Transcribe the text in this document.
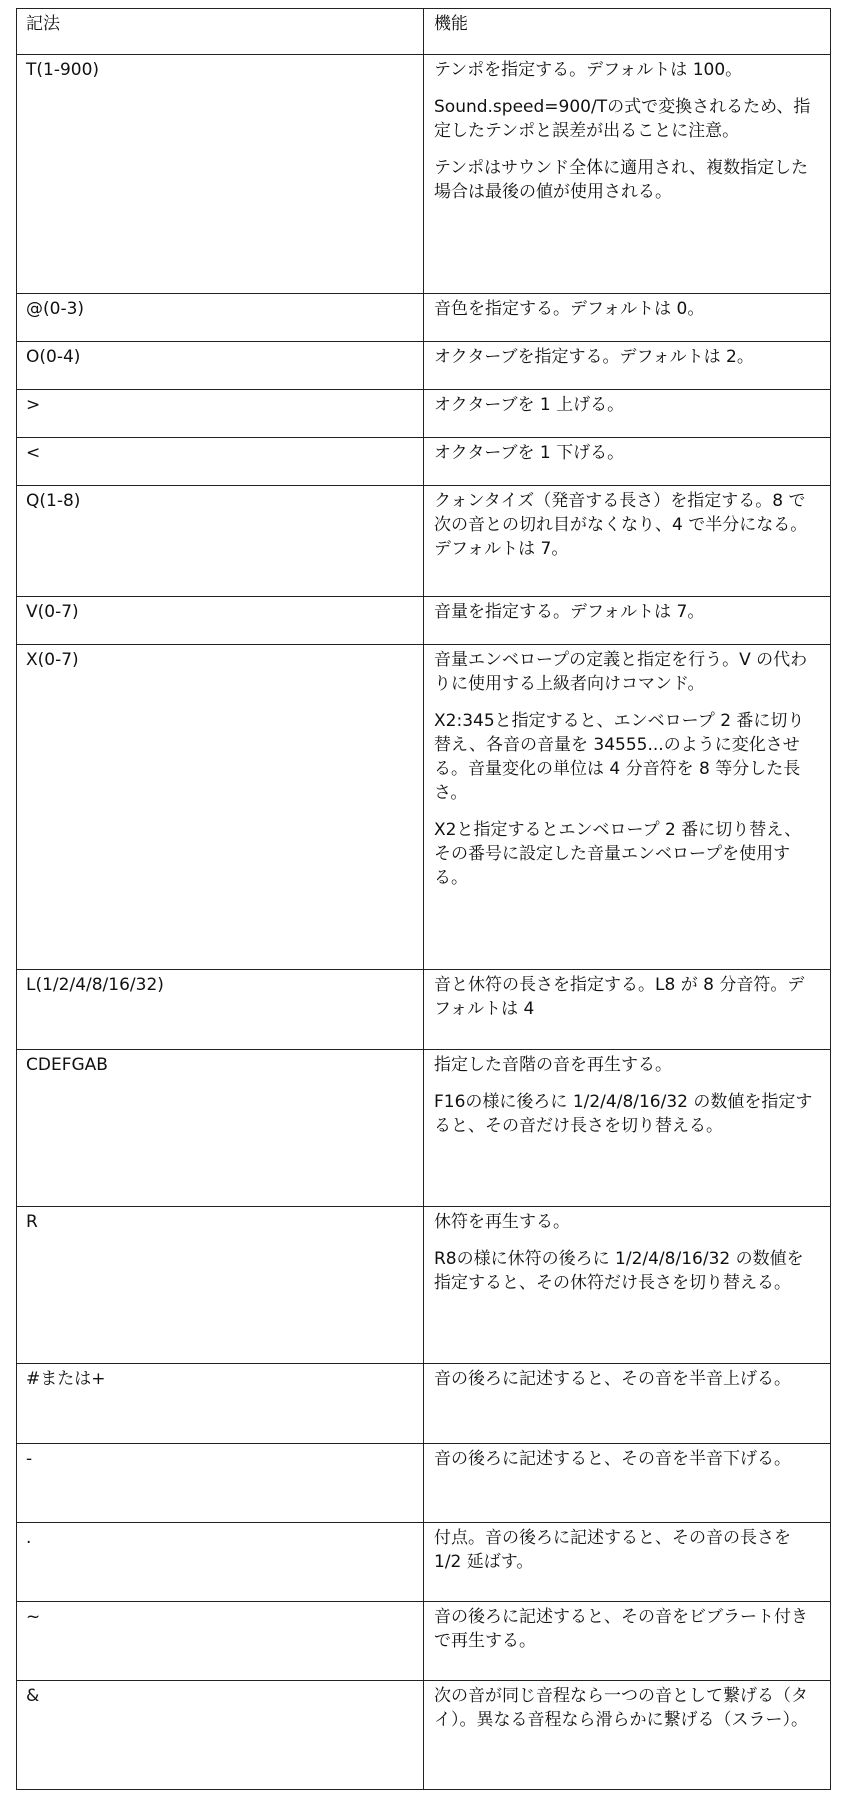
記法	機能
T(1-900)	テンポを指定する。デフォルトは 100。
Sound.speed=900/Tの式で変換されるため、指定したテンポと誤差が出ることに注意。
テンポはサウンド全体に適用され、複数指定した場合は最後の値が使用される。

@(0-3)	音色を指定する。デフォルトは 0。

O(0-4)	オクターブを指定する。デフォルトは 2。

>	オクターブを 1 上げる。

<	オクターブを 1 下げる。

Q(1-8)	クォンタイズ（発音する長さ）を指定する。8 で次の音との切れ目がなくなり、4 で半分になる。デフォルトは 7。

V(0-7)	音量を指定する。デフォルトは 7。

X(0-7)	音量エンベロープの定義と指定を行う。V の代わりに使用する上級者向けコマンド。
X2:345と指定すると、エンベロープ 2 番に切り替え、各音の音量を 34555...のように変化させる。音量変化の単位は 4 分音符を 8 等分した長さ。
X2と指定するとエンベロープ 2 番に切り替え、その番号に設定した音量エンベロープを使用する。

L(1/2/4/8/16/32)	音と休符の長さを指定する。L8 が 8 分音符。デフォルトは 4

CDEFGAB	指定した音階の音を再生する。
F16の様に後ろに 1/2/4/8/16/32 の数値を指定すると、その音だけ長さを切り替える。

R	休符を再生する。
R8の様に休符の後ろに 1/2/4/8/16/32 の数値を指定すると、その休符だけ長さを切り替える。

#または+	音の後ろに記述すると、その音を半音上げる。

-	音の後ろに記述すると、その音を半音下げる。

.	付点。音の後ろに記述すると、その音の長さを 1/2 延ばす。

~	音の後ろに記述すると、その音をビブラート付きで再生する。

&	次の音が同じ音程なら一つの音として繋げる（タイ）。異なる音程なら滑らかに繋げる（スラー）。
